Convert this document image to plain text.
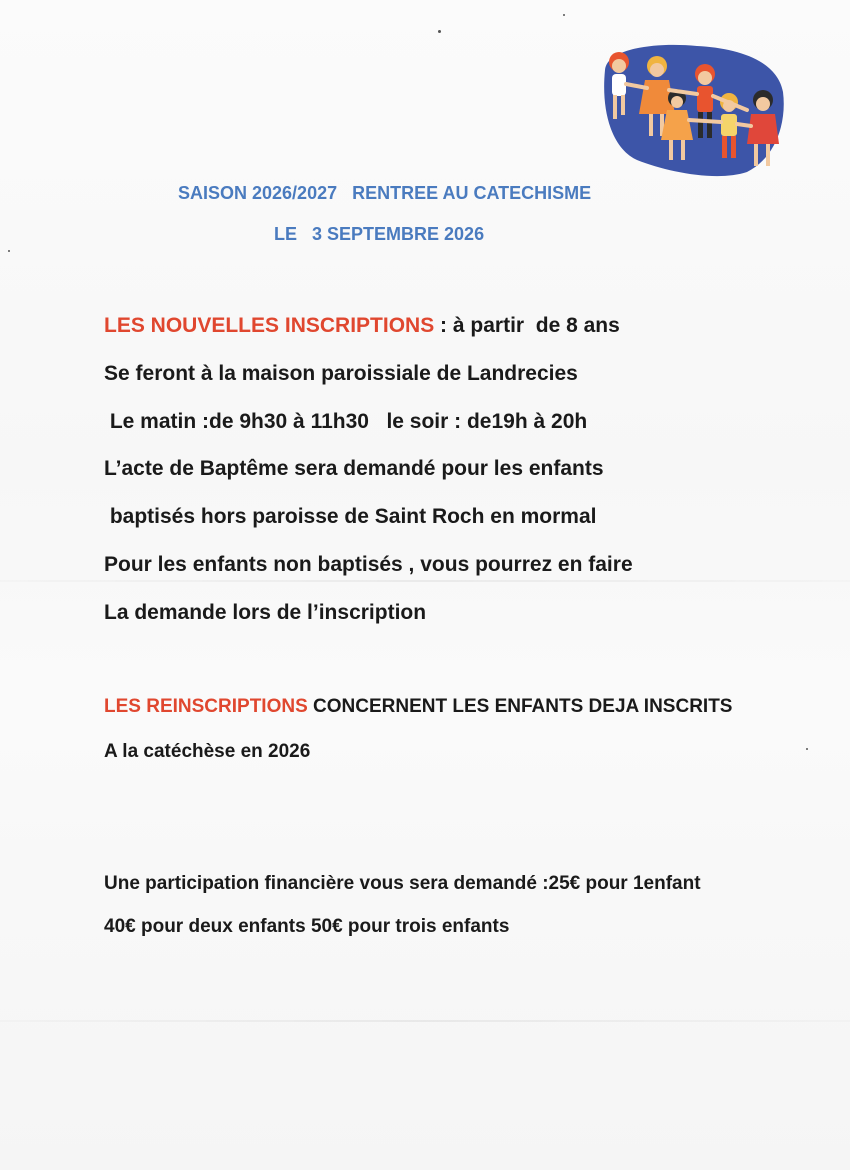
SAISON 2026/2027   RENTREE AU CATECHISME
LE   3 SEPTEMBRE 2026
LES NOUVELLES INSCRIPTIONS : à partir  de 8 ans
Se feront à la maison paroissiale de Landrecies
Le matin :de 9h30 à 11h30   le soir : de19h à 20h
L’acte de Baptême sera demandé pour les enfants
baptisés hors paroisse de Saint Roch en mormal
Pour les enfants non baptisés , vous pourrez en faire
La demande lors de l’inscription
LES REINSCRIPTIONS CONCERNENT LES ENFANTS DEJA INSCRITS
A la catéchèse en 2026
Une participation financière vous sera demandé :25€ pour 1enfant
40€ pour deux enfants 50€ pour trois enfants
